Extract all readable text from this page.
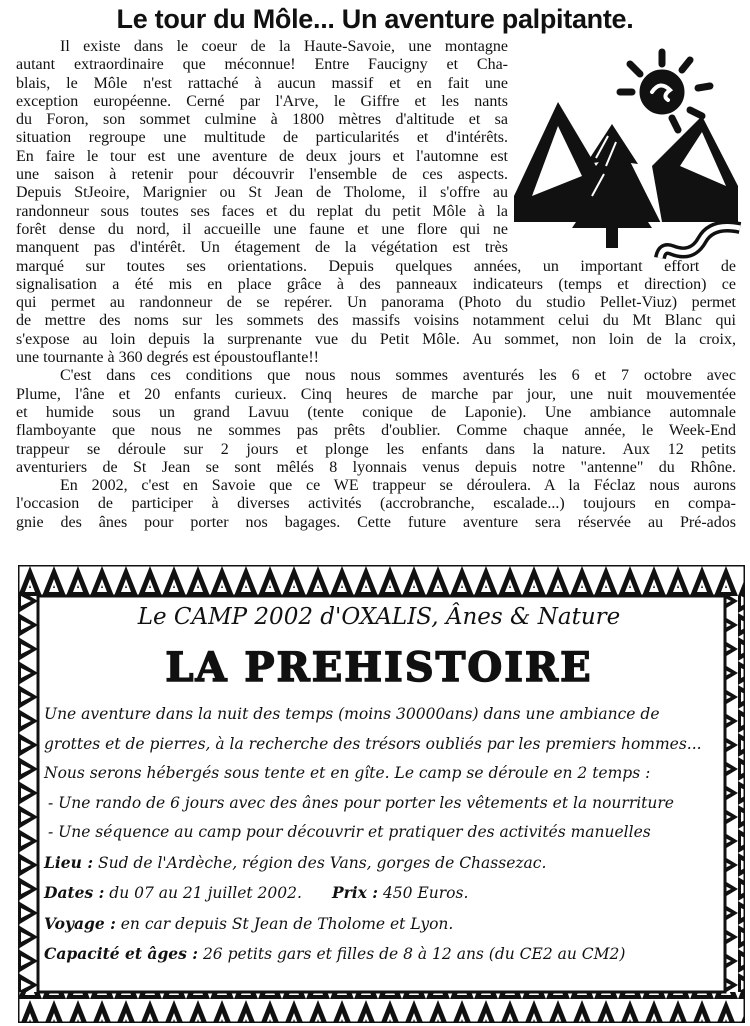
Le tour du Môle... Un aventure palpitante.
Il existe dans le coeur de la Haute-Savoie, une montagne
autant extraordinaire que méconnue! Entre Faucigny et Cha-
blais, le Môle n'est rattaché à aucun massif et en fait une
exception européenne. Cerné par l'Arve, le Giffre et les nants
du Foron, son sommet culmine à 1800 mètres d'altitude et sa
situation regroupe une multitude de particularités et d'intérêts.
En faire le tour est une aventure de deux jours et l'automne est
une saison à retenir pour découvrir l'ensemble de ces aspects.
Depuis StJeoire, Marignier ou St Jean de Tholome, il s'offre au
randonneur sous toutes ses faces et du replat du petit Môle à la
forêt dense du nord, il accueille une faune et une flore qui ne
manquent pas d'intérêt. Un étagement de la végétation est très
marqué sur toutes ses orientations. Depuis quelques années, un important effort de
signalisation a été mis en place grâce à des panneaux indicateurs (temps et direction) ce
qui permet au randonneur de se repérer. Un panorama (Photo du studio Pellet-Viuz) permet
de mettre des noms sur les sommets des massifs voisins notamment celui du Mt Blanc qui
s'expose au loin depuis la surprenante vue du Petit Môle. Au sommet, non loin de la croix,
une tournante à 360 degrés est époustouflante!!
C'est dans ces conditions que nous nous sommes aventurés les 6 et 7 octobre avec
Plume, l'âne et 20 enfants curieux. Cinq heures de marche par jour, une nuit mouvementée
et humide sous un grand Lavuu (tente conique de Laponie). Une ambiance automnale
flamboyante que nous ne sommes pas prêts d'oublier. Comme chaque année, le Week-End
trappeur se déroule sur 2 jours et plonge les enfants dans la nature. Aux 12 petits
aventuriers de St Jean se sont mêlés 8 lyonnais venus depuis notre "antenne" du Rhône.
En 2002, c'est en Savoie que ce WE trappeur se déroulera. A la Féclaz nous aurons
l'occasion de participer à diverses activités (accrobranche, escalade...) toujours en compa-
gnie des ânes pour porter nos bagages. Cette future aventure sera réservée au Pré-ados

Le CAMP 2002 d'OXALIS, Ânes & Nature

LA PREHISTOIRE
Une aventure dans la nuit des temps (moins 30000ans) dans une ambiance de
grottes et de pierres, à la recherche des trésors oubliés par les premiers hommes...
Nous serons hébergés sous tente et en gîte. Le camp se déroule en 2 temps :
- Une rando de 6 jours avec des ânes pour porter les vêtements et la nourriture
- Une séquence au camp pour découvrir et pratiquer des activités manuelles
Lieu : Sud de l'Ardèche, région des Vans, gorges de Chassezac.
Dates : du 07 au 21 juillet 2002. Prix : 450 Euros.
Voyage : en car depuis St Jean de Tholome et Lyon.
Capacité et âges : 26 petits gars et filles de 8 à 12 ans (du CE2 au CM2)
